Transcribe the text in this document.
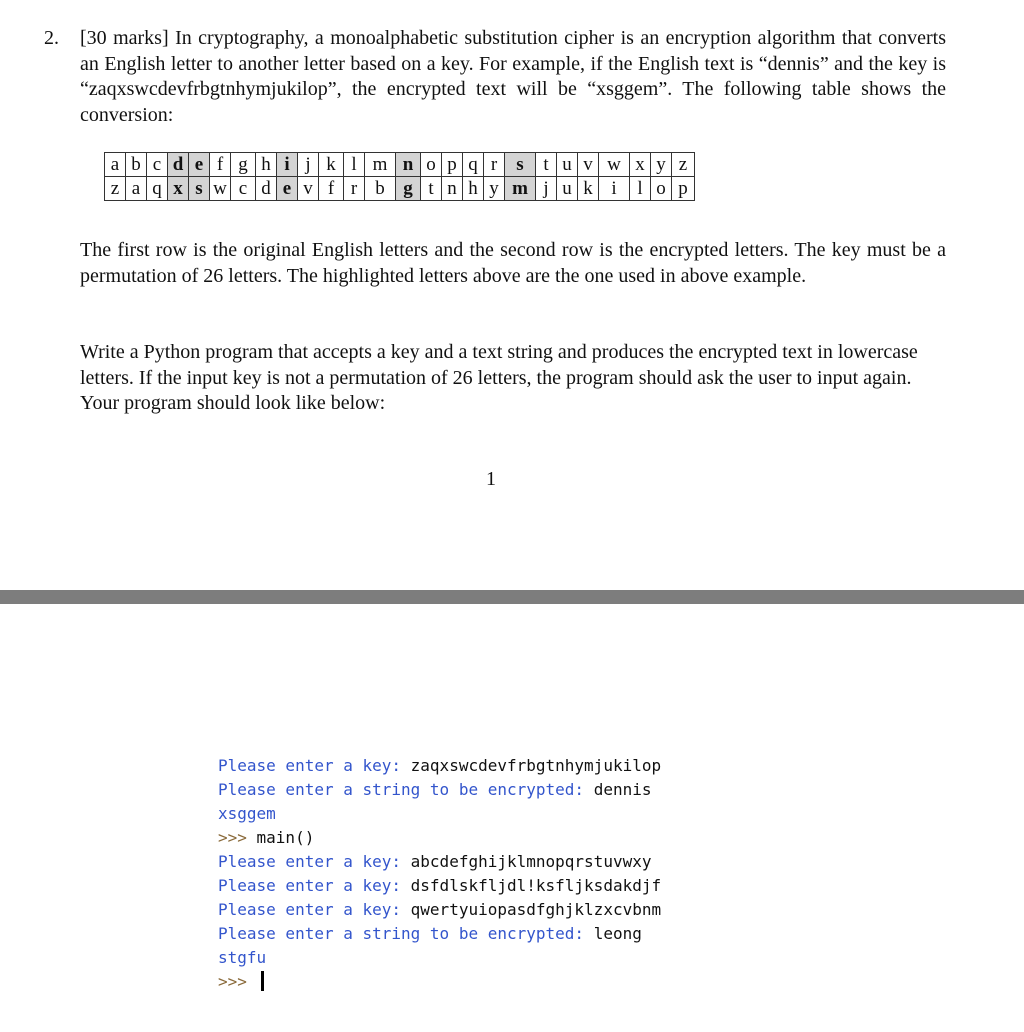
2. [30 marks] In cryptography, a monoalphabetic substitution cipher is an encryption algorithm that converts an English letter to another letter based on a key. For example, if the English text is “dennis” and the key is “zaqxswcdevfrbgtnhymjukilop”, the encrypted text will be “xsggem”. The following table shows the conversion:
a	b	c	d	e	f	g	h	i	j	k	l	m	n	o	p	q	r	s	t	u	v	w	x	y	z
z	a	q	x	s	w	c	d	e	v	f	r	b	g	t	n	h	y	m	j	u	k	i	l	o	p
The first row is the original English letters and the second row is the encrypted letters. The key must be a permutation of 26 letters. The highlighted letters above are the one used in above example.
Write a Python program that accepts a key and a text string and produces the encrypted text in lowercase letters. If the input key is not a permutation of 26 letters, the program should ask the user to input again. Your program should look like below:
1
Please enter a key: zaqxswcdevfrbgtnhymjukilop
Please enter a string to be encrypted: dennis
xsggem
>>> main()
Please enter a key: abcdefghijklmnopqrstuvwxy
Please enter a key: dsfdlskfljdl!ksfljksdakdjf
Please enter a key: qwertyuiopasdfghjklzxcvbnm
Please enter a string to be encrypted: leong
stgfu
>>>
